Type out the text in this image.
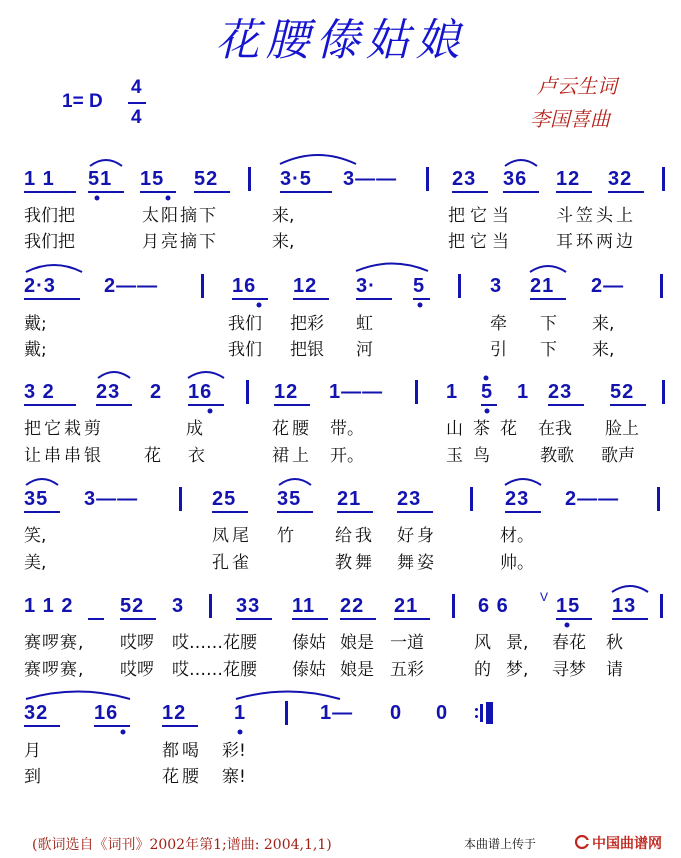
花腰傣姑娘
1= D
4
4
卢云生词
李国喜曲
1 1 51 15 52	3·5 3——	23 36 12 32
我们把	太阳摘下	来,	把它当 斗笠头上
我们把	月亮摘下	来,	把它当 耳环两边
2·3 2——	16 12 3· 5	3 21 2—
戴;	我们 把彩 虹	牵 下 来,
戴;	我们 把银 河	引 下 来,
3 2 23 2 16	12 1——	1 5 1 23 52
把它栽剪	成	花腰 带。	山茶花 在我 脸上
让串串银 花 衣	裙上 开。	玉鸟 教歌 歌声
35 3——	25 35 21 23	23 2——
笑,	凤尾 竹 给我 好身	材。
美,	孔雀	教舞 舞姿	帅。
1 1 2 52 3	33 11 22 21	6 6	V 15 13
赛啰赛, 哎啰 哎……花腰 傣姑 娘是 一道	风 景, 春花 秋
赛啰赛, 哎啰 哎……花腰 傣姑 娘是 五彩	的 梦, 寻梦 请
32 16 12 1	1— 0 0
月	都喝 彩!
到	花腰 寨!
(歌词选自《词刊》2002年第1;谱曲: 2004,1,1)	本曲谱上传于	中国曲谱网
